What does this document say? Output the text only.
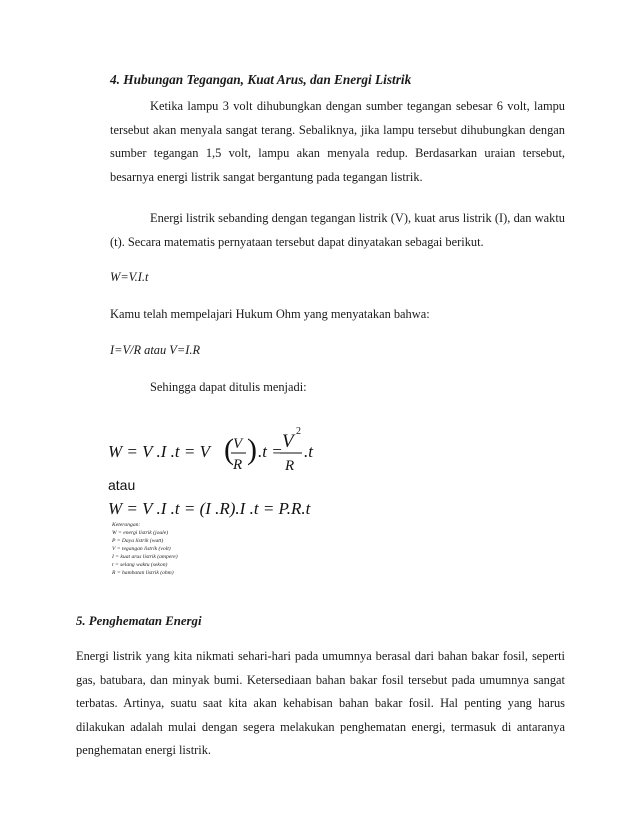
4. Hubungan Tegangan, Kuat Arus, dan Energi Listrik
Ketika lampu 3 volt dihubungkan dengan sumber tegangan sebesar 6 volt, lampu tersebut akan menyala sangat terang. Sebaliknya, jika lampu tersebut dihubungkan dengan sumber tegangan 1,5 volt, lampu akan menyala redup. Berdasarkan uraian tersebut, besarnya energi listrik sangat bergantung pada tegangan listrik.
Energi listrik sebanding dengan tegangan listrik (V), kuat arus listrik (I), dan waktu (t). Secara matematis pernyataan tersebut dapat dinyatakan sebagai berikut.
W=V.I.t
Kamu telah mempelajari Hukum Ohm yang menyatakan bahwa:
I=V/R atau V=I.R
Sehingga dapat ditulis menjadi:
W = V .I .t = V ( V
R ) .t = V 2
R
.t
atau
W = V .I .t = (I .R).I .t = P.R.t
Keterangan:
W = energi listrik (joule)
P = Daya listrik (watt)
V = tegangan listrik (volt)
I = kuat arus listrik (ampere)
t = selang waktu (sekon)
R = hambatan listrik (ohm)
5. Penghematan Energi
Energi listrik yang kita nikmati sehari-hari pada umumnya berasal dari bahan bakar fosil, seperti gas, batubara, dan minyak bumi. Ketersediaan bahan bakar fosil tersebut pada umumnya sangat terbatas. Artinya, suatu saat kita akan kehabisan bahan bakar fosil. Hal penting yang harus dilakukan adalah mulai dengan segera melakukan penghematan energi, termasuk di antaranya penghematan energi listrik.
